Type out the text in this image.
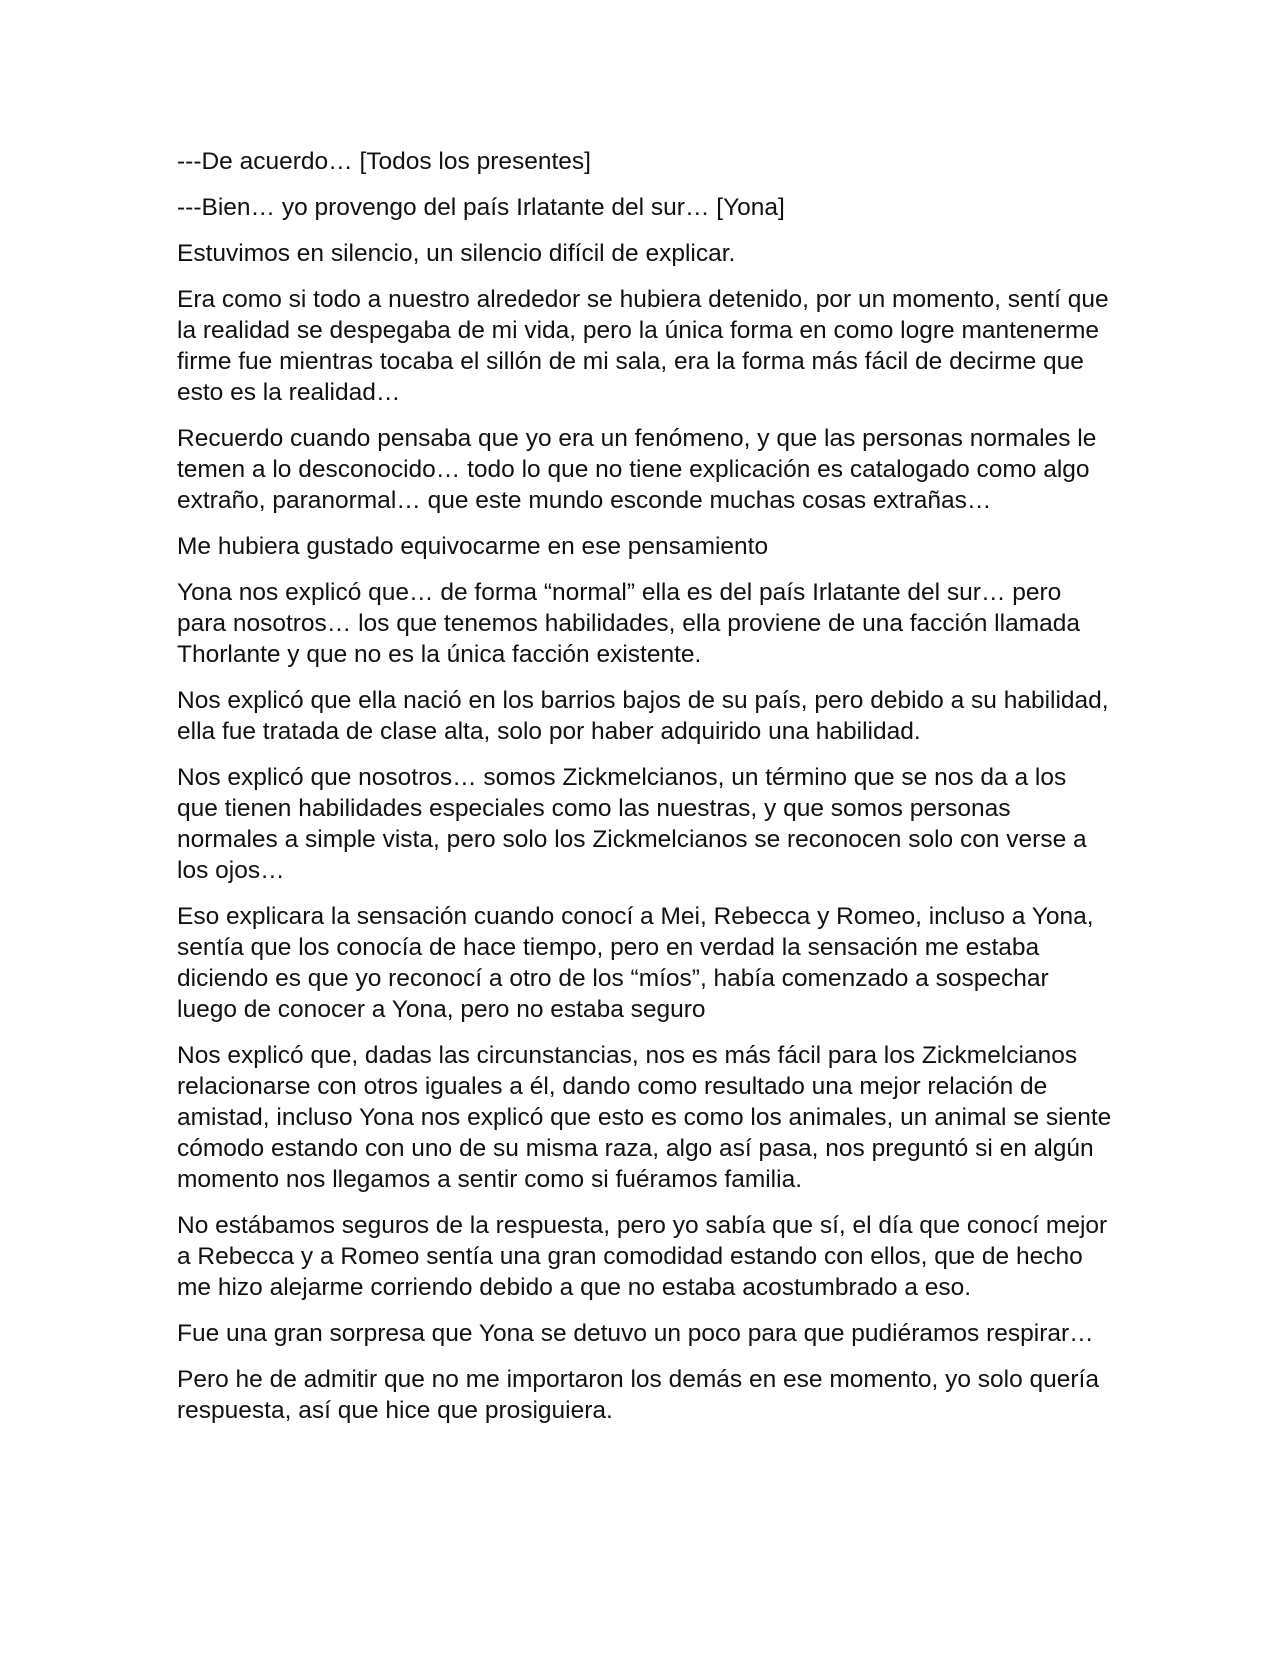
---De acuerdo… [Todos los presentes]

---Bien… yo provengo del país Irlatante del sur… [Yona]

Estuvimos en silencio, un silencio difícil de explicar.

Era como si todo a nuestro alrededor se hubiera detenido, por un momento, sentí que la realidad se despegaba de mi vida, pero la única forma en como logre mantenerme firme fue mientras tocaba el sillón de mi sala, era la forma más fácil de decirme que esto es la realidad…

Recuerdo cuando pensaba que yo era un fenómeno, y que las personas normales le temen a lo desconocido… todo lo que no tiene explicación es catalogado como algo extraño, paranormal… que este mundo esconde muchas cosas extrañas…

Me hubiera gustado equivocarme en ese pensamiento

Yona nos explicó que… de forma “normal” ella es del país Irlatante del sur… pero para nosotros… los que tenemos habilidades, ella proviene de una facción llamada Thorlante y que no es la única facción existente.

Nos explicó que ella nació en los barrios bajos de su país, pero debido a su habilidad, ella fue tratada de clase alta, solo por haber adquirido una habilidad.

Nos explicó que nosotros… somos Zickmelcianos, un término que se nos da a los que tienen habilidades especiales como las nuestras, y que somos personas normales a simple vista, pero solo los Zickmelcianos se reconocen solo con verse a los ojos…

Eso explicara la sensación cuando conocí a Mei, Rebecca y Romeo, incluso a Yona, sentía que los conocía de hace tiempo, pero en verdad la sensación me estaba diciendo es que yo reconocí a otro de los “míos”, había comenzado a sospechar luego de conocer a Yona, pero no estaba seguro

Nos explicó que, dadas las circunstancias, nos es más fácil para los Zickmelcianos relacionarse con otros iguales a él, dando como resultado una mejor relación de amistad, incluso Yona nos explicó que esto es como los animales, un animal se siente cómodo estando con uno de su misma raza, algo así pasa, nos preguntó si en algún momento nos llegamos a sentir como si fuéramos familia.

No estábamos seguros de la respuesta, pero yo sabía que sí, el día que conocí mejor a Rebecca y a Romeo sentía una gran comodidad estando con ellos, que de hecho me hizo alejarme corriendo debido a que no estaba acostumbrado a eso.

Fue una gran sorpresa que Yona se detuvo un poco para que pudiéramos respirar…

Pero he de admitir que no me importaron los demás en ese momento, yo solo quería respuesta, así que hice que prosiguiera.
